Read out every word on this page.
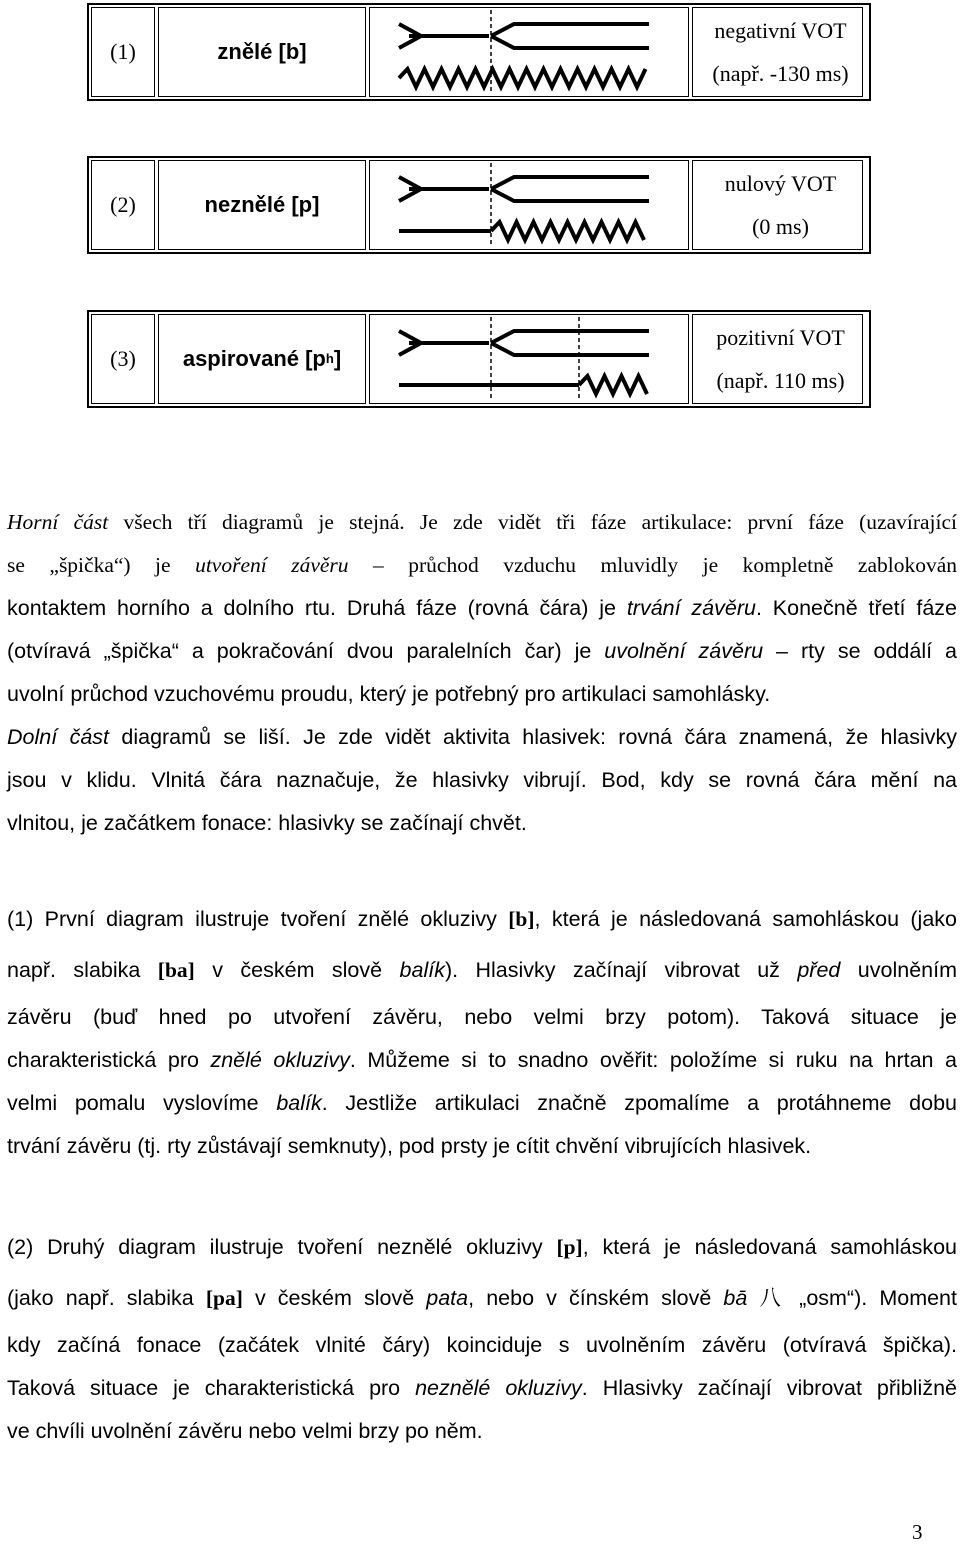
(1)	znělé [b]
negativní VOT
(např. -130 ms)
(2)	neznělé [p]
nulový VOT
(0 ms)
(3)	aspirované [p h ]
pozitivní VOT
(např. 110 ms)
Horní část všech tří diagramů je stejná. Je zde vidět tři fáze artikulace: první fáze (uzavírající
se „špička“) je utvoření závěru – průchod vzduchu mluvidly je kompletně zablokován
kontaktem horního a dolního rtu. Druhá fáze (rovná čára) je trvání závěru. Konečně třetí fáze
(otvíravá „špička“ a pokračování dvou paralelních čar) je uvolnění závěru – rty se oddálí a
uvolní průchod vzuchovému proudu, který je potřebný pro artikulaci samohlásky.
Dolní část diagramů se liší. Je zde vidět aktivita hlasivek: rovná čára znamená, že hlasivky
jsou v klidu. Vlnitá čára naznačuje, že hlasivky vibrují. Bod, kdy se rovná čára mění na
vlnitou, je začátkem fonace: hlasivky se začínají chvět.
(1) První diagram ilustruje tvoření znělé okluzivy [b], která je následovaná samohláskou (jako
např. slabika [ba] v českém slově balík). Hlasivky začínají vibrovat už před uvolněním
závěru (buď hned po utvoření závěru, nebo velmi brzy potom). Taková situace je
charakteristická pro znělé okluzivy. Můžeme si to snadno ověřit: položíme si ruku na hrtan a
velmi pomalu vyslovíme balík. Jestliže artikulaci značně zpomalíme a protáhneme dobu
trvání závěru (tj. rty zůstávají semknuty), pod prsty je cítit chvění vibrujících hlasivek.
(2) Druhý diagram ilustruje tvoření neznělé okluzivy [p], která je následovaná samohláskou
(jako např. slabika [pa] v českém slově pata, nebo v čínském slově bā 八 „osm“). Moment
kdy začíná fonace (začátek vlnité čáry) koinciduje s uvolněním závěru (otvíravá špička).
Taková situace je charakteristická pro neznělé okluzivy. Hlasivky začínají vibrovat přibližně
ve chvíli uvolnění závěru nebo velmi brzy po něm.
3
